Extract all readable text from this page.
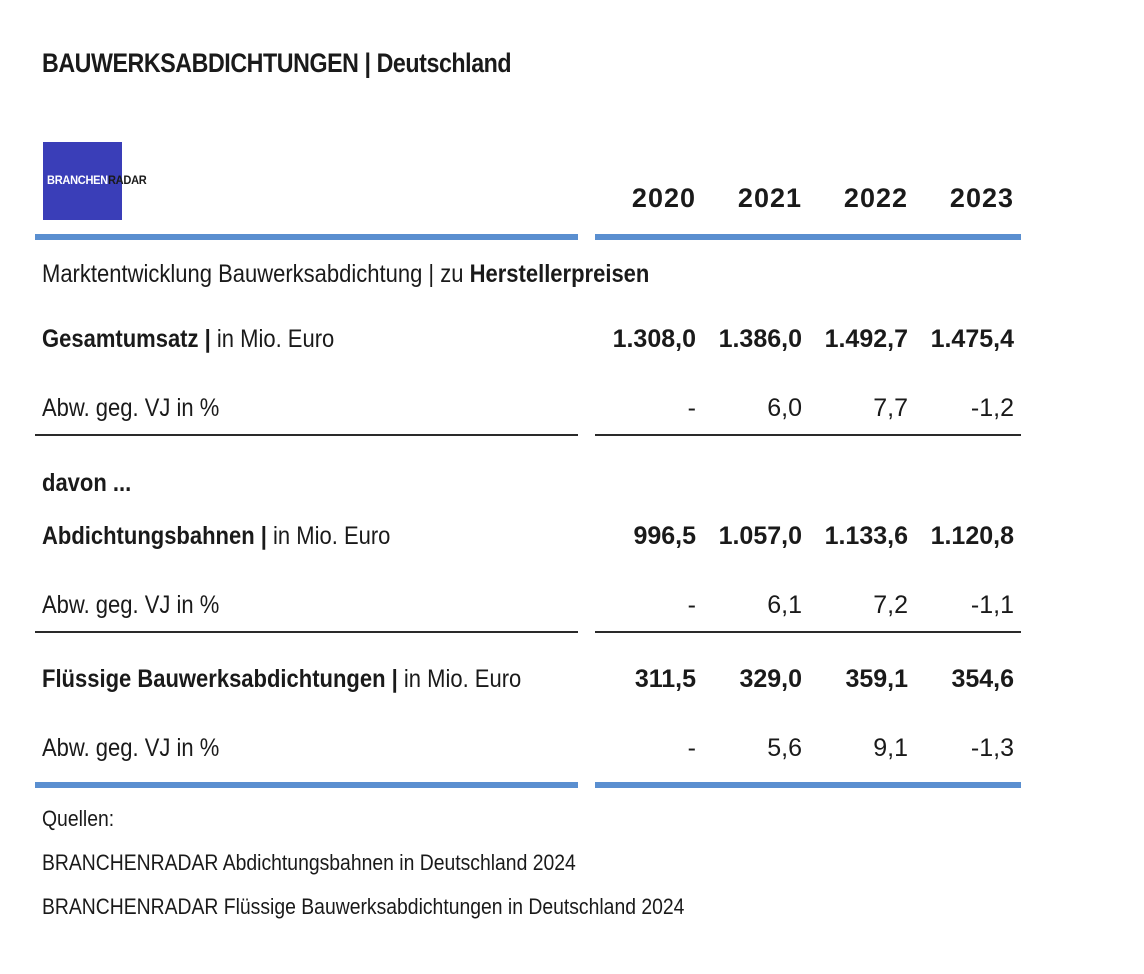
BAUWERKSABDICHTUNGEN | Deutschland
BRANCHENRADAR
2020	2021	2022	2023
Marktentwicklung Bauwerksabdichtung | zu Herstellerpreisen
Gesamtumsatz | in Mio. Euro	1.308,0 1.386,0 1.492,7 1.475,4
Abw. geg. VJ in %	-	6,0	7,7	-1,2
davon ...
Abdichtungsbahnen | in Mio. Euro	996,5 1.057,0 1.133,6 1.120,8
Abw. geg. VJ in %	-	6,1	7,2	-1,1
Flüssige Bauwerksabdichtungen | in Mio. Euro	311,5	329,0	359,1	354,6
Abw. geg. VJ in %	-	5,6	9,1	-1,3
Quellen:
BRANCHENRADAR Abdichtungsbahnen in Deutschland 2024
BRANCHENRADAR Flüssige Bauwerksabdichtungen in Deutschland 2024
